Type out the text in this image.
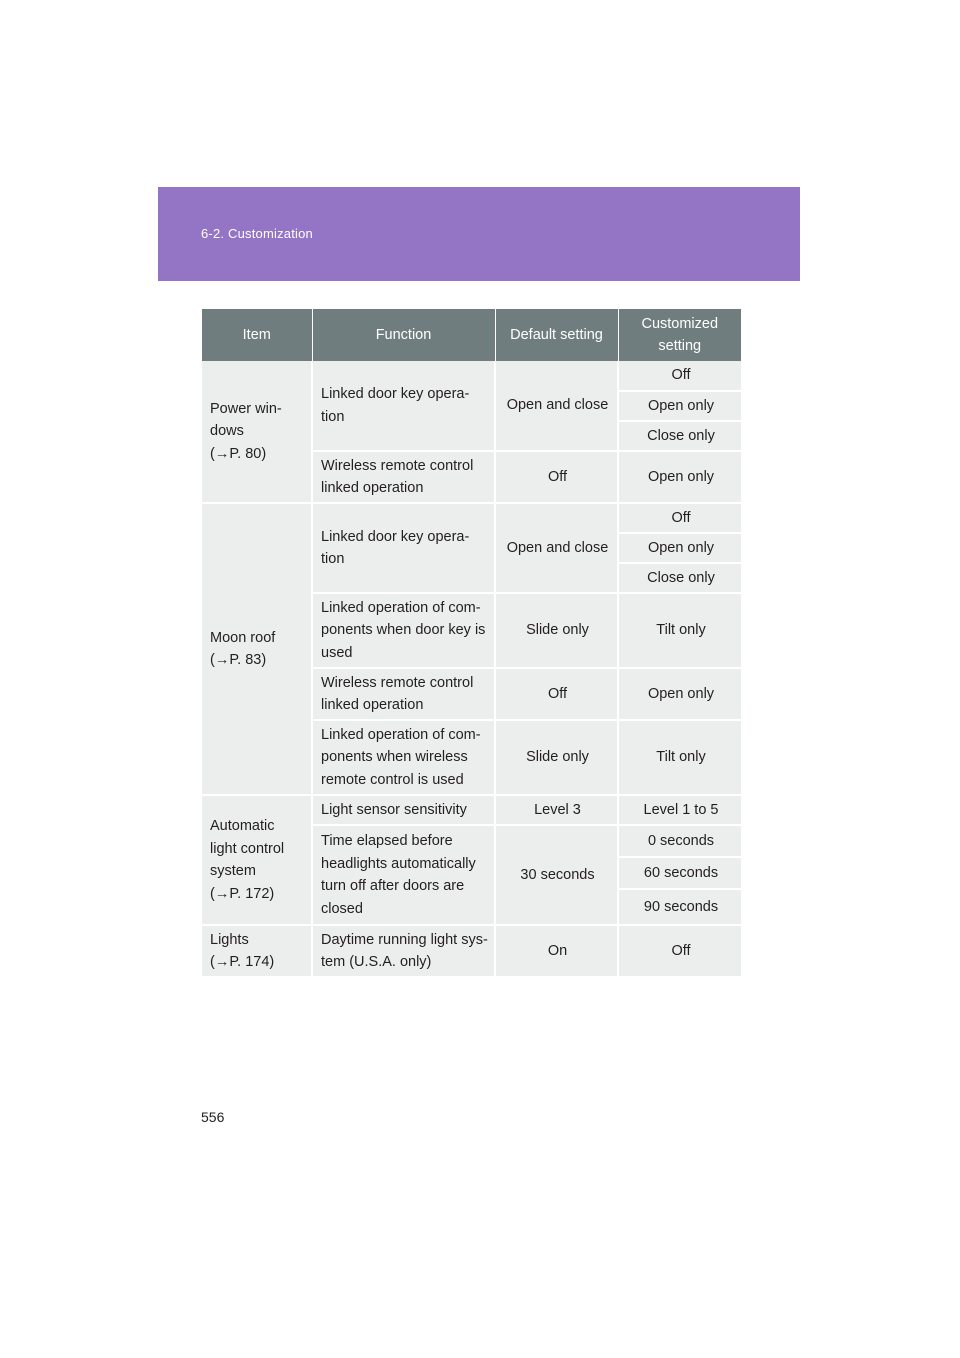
6-2. Customization
Item	Function	Default setting	Customized setting
Power win-
dows
(→P. 80)	Linked door key opera-
tion	Open and close	Off
			Open only
			Close only
	Wireless remote control
linked operation	Off	Open only
Moon roof
(→P. 83)	Linked door key opera-
tion	Open and close	Off
			Open only
			Close only
	Linked operation of com-
ponents when door key is
used	Slide only	Tilt only
	Wireless remote control
linked operation	Off	Open only
	Linked operation of com-
ponents when wireless
remote control is used	Slide only	Tilt only
Automatic
light control
system
(→P. 172)	Light sensor sensitivity	Level 3	Level 1 to 5
	Time elapsed before
headlights automatically
turn off after doors are
closed	30 seconds	0 seconds
			60 seconds
			90 seconds
Lights
(→P. 174)	Daytime running light sys-
tem (U.S.A. only)	On	Off
556
